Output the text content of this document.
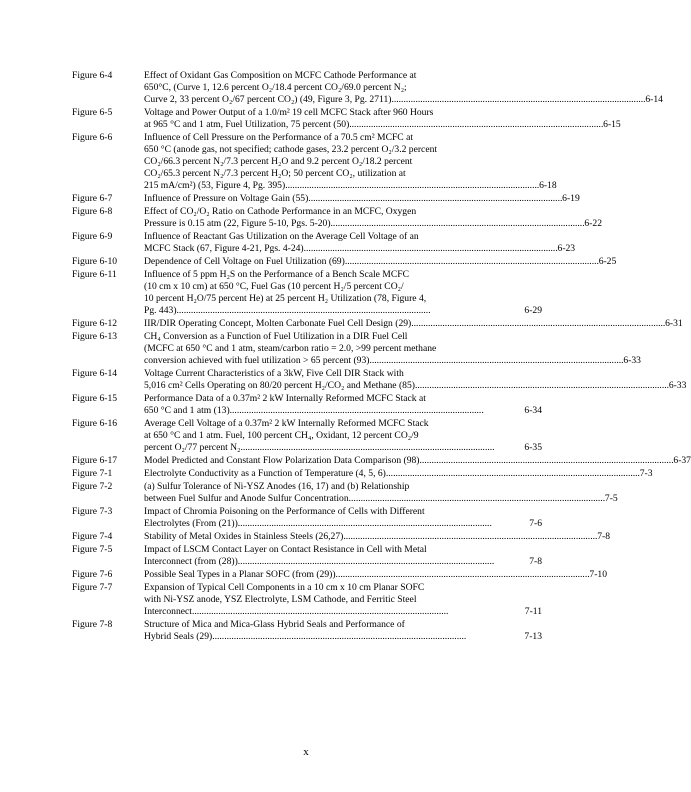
Figure 6-4	Effect of Oxidant Gas Composition on MCFC Cathode Performance at
650°C, (Curve 1, 12.6 percent O₂/18.4 percent CO₂/69.0 percent N₂;
Curve 2, 33 percent O₂/67 percent CO₂) (49, Figure 3, Pg. 2711) . . .	6-14
Figure 6-5	Voltage and Power Output of a 1.0/m² 19 cell MCFC Stack after 960 Hours
at 965 °C and 1 atm, Fuel Utilization, 75 percent (50) . . .	6-15
Figure 6-6	Influence of Cell Pressure on the Performance of a 70.5 cm² MCFC at
650 °C (anode gas, not specified; cathode gases, 23.2 percent O₂/3.2 percent
CO₂/66.3 percent N₂/7.3 percent H₂O and 9.2 percent O₂/18.2 percent
CO₂/65.3 percent N₂/7.3 percent H₂O; 50 percent CO₂, utilization at
215 mA/cm²) (53, Figure 4, Pg. 395) . . .	6-18
Figure 6-7	Influence of Pressure on Voltage Gain (55) . . .	6-19
Figure 6-8	Effect of CO₂/O₂ Ratio on Cathode Performance in an MCFC, Oxygen
Pressure is 0.15 atm (22, Figure 5-10, Pgs. 5-20) . . .	6-22
Figure 6-9	Influence of Reactant Gas Utilization on the Average Cell Voltage of an
MCFC Stack (67, Figure 4-21, Pgs. 4-24) . . .	6-23
Figure 6-10	Dependence of Cell Voltage on Fuel Utilization (69) . . .	6-25
Figure 6-11	Influence of 5 ppm H₂S on the Performance of a Bench Scale MCFC
(10 cm x 10 cm) at 650 °C, Fuel Gas (10 percent H₂/5 percent CO₂/
10 percent H₂O/75 percent He) at 25 percent H₂ Utilization (78, Figure 4,
Pg. 443) . . .	6-29
Figure 6-12	IIR/DIR Operating Concept, Molten Carbonate Fuel Cell Design (29) . . .	6-31
Figure 6-13	CH₄ Conversion as a Function of Fuel Utilization in a DIR Fuel Cell
(MCFC at 650 °C and 1 atm, steam/carbon ratio = 2.0, >99 percent methane
conversion achieved with fuel utilization > 65 percent (93) . . .	6-33
Figure 6-14	Voltage Current Characteristics of a 3kW, Five Cell DIR Stack with
5,016 cm² Cells Operating on 80/20 percent H₂/CO₂ and Methane (85) . . .	6-33
Figure 6-15	Performance Data of a 0.37m² 2 kW Internally Reformed MCFC Stack at
650 °C and 1 atm (13) . . .	6-34
Figure 6-16	Average Cell Voltage of a 0.37m² 2 kW Internally Reformed MCFC Stack
at 650 °C and 1 atm. Fuel, 100 percent CH₄, Oxidant, 12 percent CO₂/9
percent O₂/77 percent N₂ . . .	6-35
Figure 6-17	Model Predicted and Constant Flow Polarization Data Comparison (98) . . .	6-37
Figure 7-1	Electrolyte Conductivity as a Function of Temperature (4, 5, 6) . . .	7-3
Figure 7-2	(a) Sulfur Tolerance of Ni-YSZ Anodes (16, 17) and (b) Relationship
between Fuel Sulfur and Anode Sulfur Concentration. . . .	7-5
Figure 7-3	Impact of Chromia Poisoning on the Performance of Cells with Different
Electrolytes (From (21)) . . .	7-6
Figure 7-4	Stability of Metal Oxides in Stainless Steels (26,27) . . .	7-8
Figure 7-5	Impact of LSCM Contact Layer on Contact Resistance in Cell with Metal
Interconnect (from (28)). . . .	7-8
Figure 7-6	Possible Seal Types in a Planar SOFC (from (29)) . . .	7-10
Figure 7-7	Expansion of Typical Cell Components in a 10 cm x 10 cm Planar SOFC
with Ni-YSZ anode, YSZ Electrolyte, LSM Cathode, and Ferritic Steel
Interconnect. . . .	7-11
Figure 7-8	Structure of Mica and Mica-Glass Hybrid Seals and Performance of
Hybrid Seals (29) . . .	7-13
x
